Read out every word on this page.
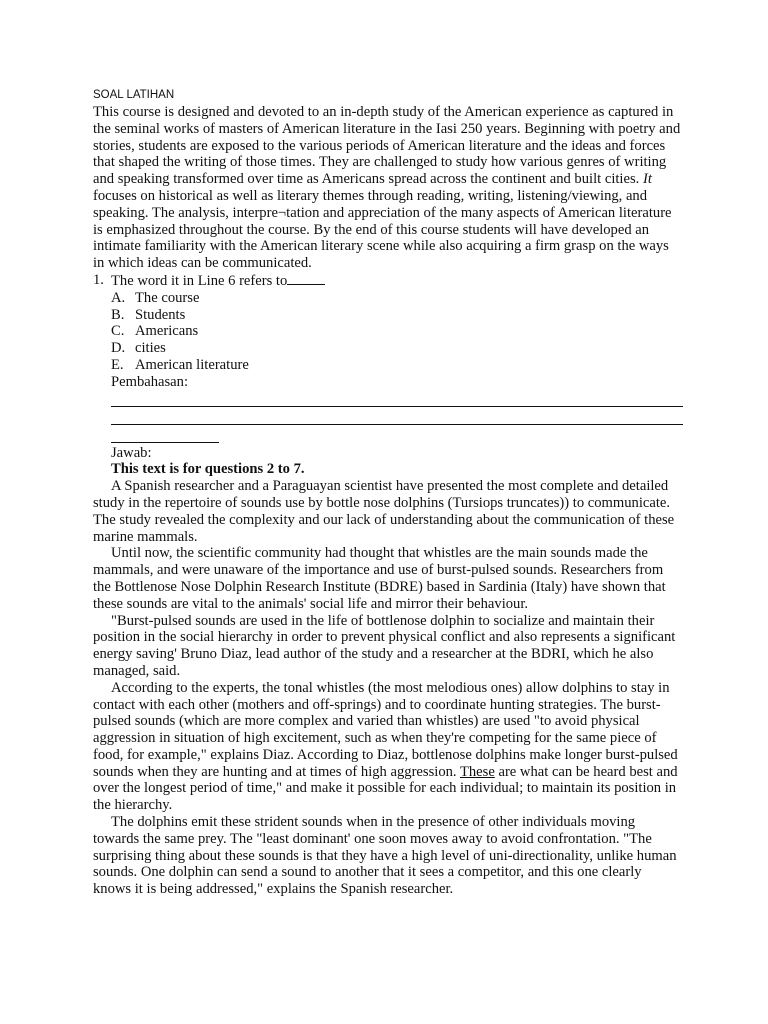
SOAL LATIHAN

This course is designed and devoted to an in-depth study of the American experience as captured in the seminal works of masters of American literature in the Iasi 250 years. Beginning with poetry and stories, students are exposed to the various periods of American literature and the ideas and forces that shaped the writing of those times. They are challenged to study how various genres of writing and speaking transformed over time as Americans spread across the continent and built cities. It focuses on historical as well as literary themes through reading, writing, listening/viewing, and speaking. The analysis, interpre¬tation and appreciation of the many aspects of American literature is emphasized throughout the course. By the end of this course students will have developed an intimate familiarity with the American literary scene while also acquiring a firm grasp on the ways in which ideas can be communicated.

1. The word it in Line 6 refers to
A. The course
B. Students
C. Americans
D. cities
E. American literature
Pembahasan:
Jawab:
This text is for questions 2 to 7.

A Spanish researcher and a Paraguayan scientist have presented the most complete and detailed study in the repertoire of sounds use by bottle nose dolphins (Tursiops truncates)) to communicate. The study revealed the complexity and our lack of understanding about the communication of these marine mammals.

Until now, the scientific community had thought that whistles are the main sounds made the mammals, and were unaware of the importance and use of burst-pulsed sounds. Researchers from the Bottlenose Nose Dolphin Research Institute (BDRE) based in Sardinia (Italy) have shown that these sounds are vital to the animals' social life and mirror their behaviour.

"Burst-pulsed sounds are used in the life of bottlenose dolphin to socialize and maintain their position in the social hierarchy in order to prevent physical conflict and also represents a significant energy saving' Bruno Diaz, lead author of the study and a researcher at the BDRI, which he also managed, said.

According to the experts, the tonal whistles (the most melodious ones) allow dolphins to stay in contact with each other (mothers and off-springs) and to coordinate hunting strategies. The burst-pulsed sounds (which are more complex and varied than whistles) are used "to avoid physical aggression in situation of high excitement, such as when they're competing for the same piece of food, for example," explains Diaz. According to Diaz, bottlenose dolphins make longer burst-pulsed sounds when they are hunting and at times of high aggression. These are what can be heard best and over the longest period of time," and make it possible for each individual; to maintain its position in the hierarchy.

The dolphins emit these strident sounds when in the presence of other individuals moving towards the same prey. The "least dominant' one soon moves away to avoid confrontation. "The surprising thing about these sounds is that they have a high level of uni-directionality, unlike human sounds. One dolphin can send a sound to another that it sees a competitor, and this one clearly knows it is being addressed," explains the Spanish researcher.
